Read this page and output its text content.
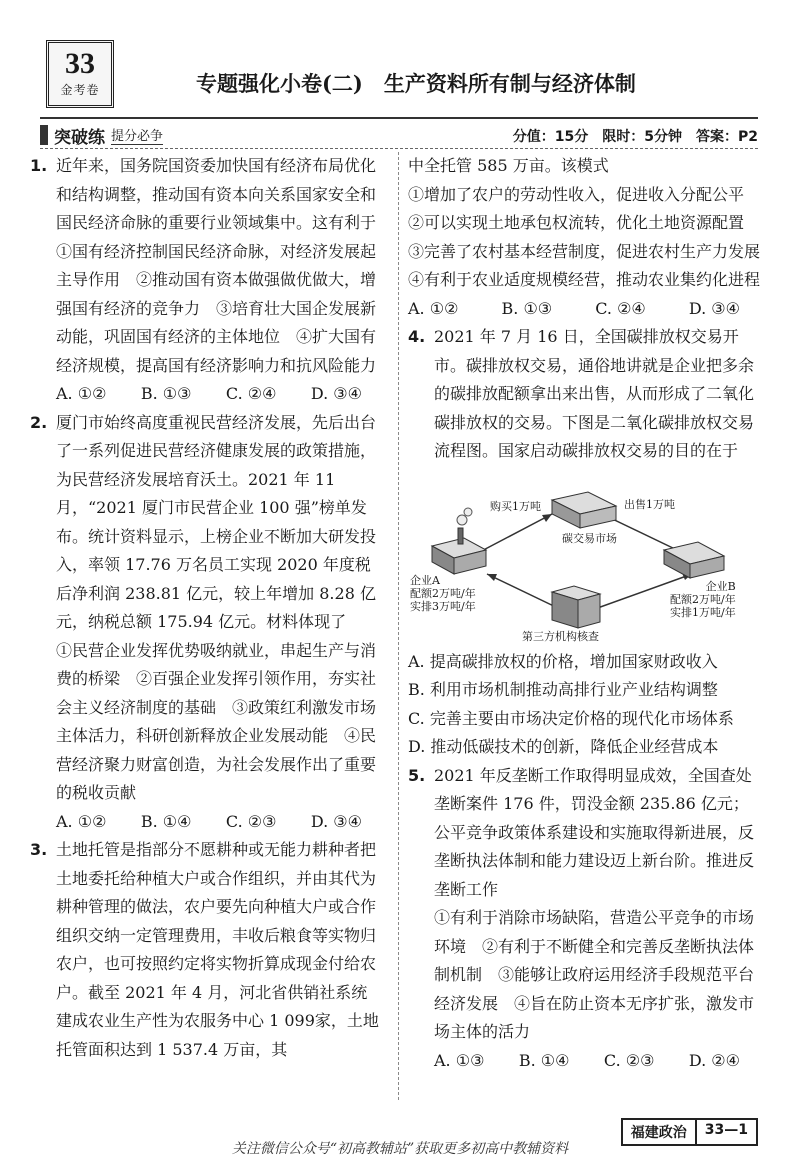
33
金考卷	专题强化小卷(二)　生产资料所有制与经济体制
突破练 提分必争	分值：15分　限时：5分钟　答案：P2
1. 近年来，国务院国资委加快国有经济布局优化和结构调整，推动国有资本向关系国家安全和国民经济命脉的重要行业领域集中。这有利于

①国有经济控制国民经济命脉，对经济发展起主导作用　②推动国有资本做强做优做大，增强国有经济的竞争力　③培育壮大国企发展新动能，巩固国有经济的主体地位　④扩大国有经济规模，提高国有经济影响力和抗风险能力

A. ①② B. ①③ C. ②④ D. ③④
2. 厦门市始终高度重视民营经济发展，先后出台了一系列促进民营经济健康发展的政策措施，为民营经济发展培育沃土。2021 年 11 月，“2021 厦门市民营企业 100 强”榜单发布。统计资料显示，上榜企业不断加大研发投入，率领 17.76 万名员工实现 2020 年度税后净利润 238.81 亿元，较上年增加 8.28 亿元，纳税总额 175.94 亿元。材料体现了

①民营企业发挥优势吸纳就业，串起生产与消费的桥梁　②百强企业发挥引领作用，夯实社会主义经济制度的基础　③政策红利激发市场主体活力，科研创新释放企业发展动能　④民营经济聚力财富创造，为社会发展作出了重要的税收贡献

A. ①② B. ①④ C. ②③ D. ③④
3. 土地托管是指部分不愿耕种或无能力耕种者把土地委托给种植大户或合作组织，并由其代为耕种管理的做法，农户要先向种植大户或合作组织交纳一定管理费用，丰收后粮食等实物归农户，也可按照约定将实物折算成现金付给农户。截至 2021 年 4 月，河北省供销社系统建成农业生产性为农服务中心 1 099家，土地托管面积达到 1 537.4 万亩，其

中全托管 585 万亩。该模式

①增加了农户的劳动性收入，促进收入分配公平　②可以实现土地承包权流转，优化土地资源配置　③完善了农村基本经营制度，促进农村生产力发展　④有利于农业适度规模经营，推动农业集约化进程

A. ①②	B. ①③	C. ②④	D. ③④
4. 2021 年 7 月 16 日，全国碳排放权交易开市。碳排放权交易，通俗地讲就是企业把多余的碳排放配额拿出来出售，从而形成了二氧化碳排放权的交易。下图是二氧化碳排放权交易流程图。国家启动碳排放权交易的目的在于

购买1万吨	出售1万吨
碳交易市场
企业A
配额2万吨/年
实排3万吨/年
企业B
配额2万吨/年
实排1万吨/年
第三方机构核查

A. 提高碳排放权的价格，增加国家财政收入

B. 利用市场机制推动高排行业产业结构调整

C. 完善主要由市场决定价格的现代化市场体系

D. 推动低碳技术的创新，降低企业经营成本

5. 2021 年反垄断工作取得明显成效，全国查处垄断案件 176 件，罚没金额 235.86 亿元；公平竞争政策体系建设和实施取得新进展，反垄断执法体制和能力建设迈上新台阶。推进反垄断工作

①有利于消除市场缺陷，营造公平竞争的市场环境　②有利于不断健全和完善反垄断执法体制机制　③能够让政府运用经济手段规范平台经济发展　④旨在防止资本无序扩张，激发市场主体的活力

A. ①③ B. ①④ C. ②③ D. ②④
福建政治	33—1
关注微信公众号“初高教辅站”获取更多初高中教辅资料
